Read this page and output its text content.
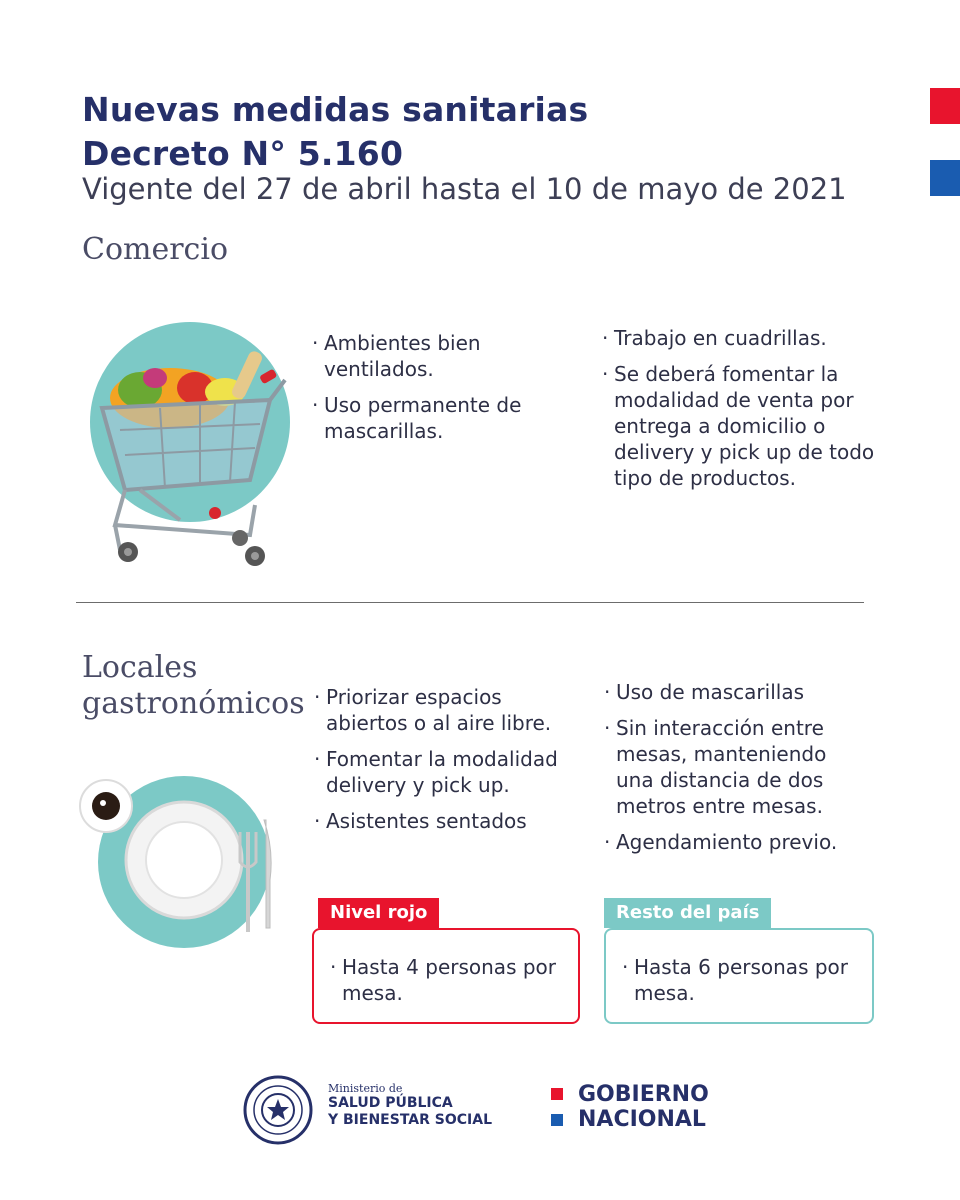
Nuevas medidas sanitarias
Decreto N° 5.160
Vigente del 27 de abril hasta el 10 de mayo de 2021
Comercio
· Ambientes bien ventilados.
· Uso permanente de mascarillas.
· Trabajo en cuadrillas.
· Se deberá fomentar la modalidad de venta por entrega a domicilio o delivery y pick up de todo tipo de productos.
Locales
gastronómicos
·	Priorizar espacios abiertos o al aire libre.
· Fomentar la modalidad delivery y pick up.
· Asistentes sentados
· Uso de mascarillas
· Sin interacción entre mesas, manteniendo una distancia de dos metros entre mesas.
· Agendamiento previo.
· Hasta 4 personas por mesa.
Nivel rojo
· Hasta 6 personas por mesa.
Resto del país
Ministerio de
SALUD PÚBLICA
Y BIENESTAR SOCIAL
GOBIERNO
NACIONAL
